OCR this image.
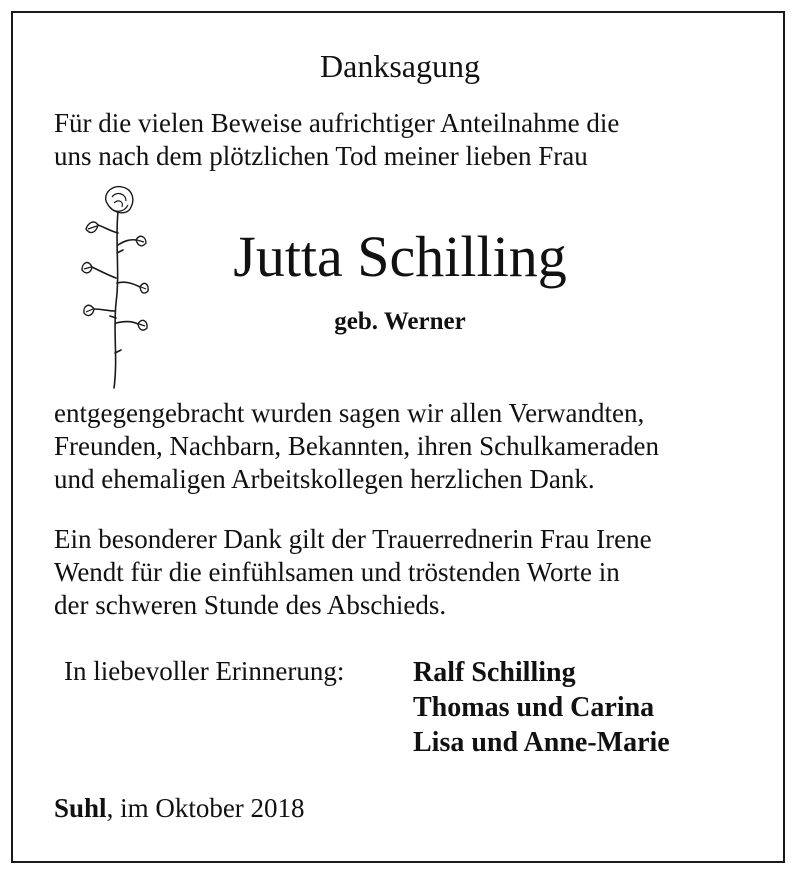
Danksagung

Für die vielen Beweise aufrichtiger Anteilnahme die
uns nach dem plötzlichen Tod meiner lieben Frau

Jutta Schilling
geb. Werner

entgegengebracht wurden sagen wir allen Verwandten,
Freunden, Nachbarn, Bekannten, ihren Schulkameraden
und ehemaligen Arbeitskollegen herzlichen Dank.

Ein besonderer Dank gilt der Trauerrednerin Frau Irene
Wendt für die einfühlsamen und tröstenden Worte in
der schweren Stunde des Abschieds.

In liebevoller Erinnerung: Ralf Schilling
Thomas und Carina
Lisa und Anne-Marie
Suhl, im Oktober 2018
